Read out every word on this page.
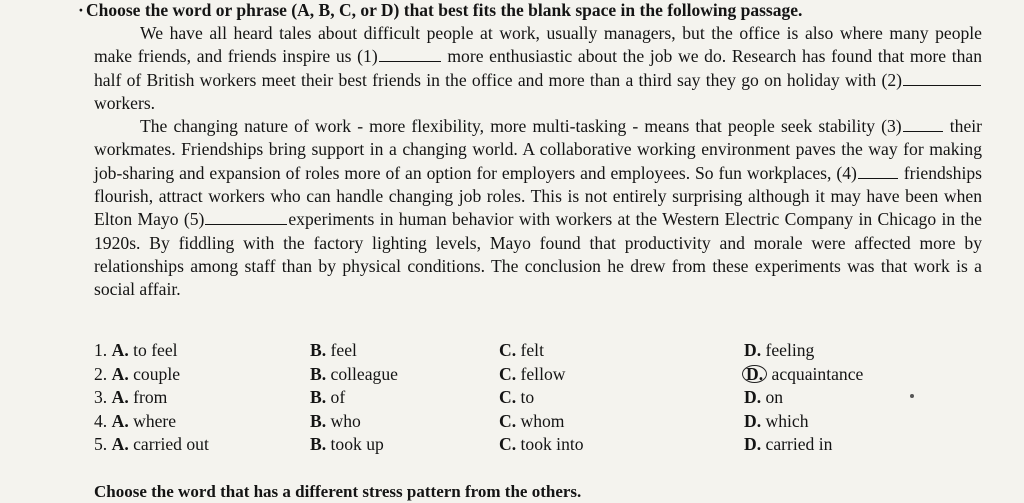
· Choose the word or phrase (A, B, C, or D) that best fits the blank space in the following passage.

We have all heard tales about difficult people at work, usually managers, but the office is also where many people make friends, and friends inspire us (1)	more enthusiastic about the job we do. Research has found that more than half of British workers meet their best friends in the office and more than a third say they go on holiday with (2)workers.

The changing nature of work - more flexibility, more multi-tasking - means that people seek stability (3) their workmates. Friendships bring support in a changing world. A collaborative working environment paves the way for making job-sharing and expansion of roles more of an option for employers and employees. So fun workplaces, (4) friendships flourish, attract workers who can handle changing job roles. This is not entirely surprising although it may have been when Elton Mayo (5)	experiments in human behavior with workers at the Western Electric Company in Chicago in the 1920s. By fiddling with the factory lighting levels, Mayo found that productivity and morale were affected more by relationships among staff than by physical conditions. The conclusion he drew from these experiments was that work is a social affair.

1. A. to feel	B. feel	C. felt	D. feeling
2. A. couple	B. colleague	C. fellow	D. acquaintance
3. A. from	B. of	C. to	D. on
4. A. where	B. who	C. whom	D. which
5. A. carried out	B. took up	C. took into	D. carried in
Choose the word that has a different stress pattern from the others.
